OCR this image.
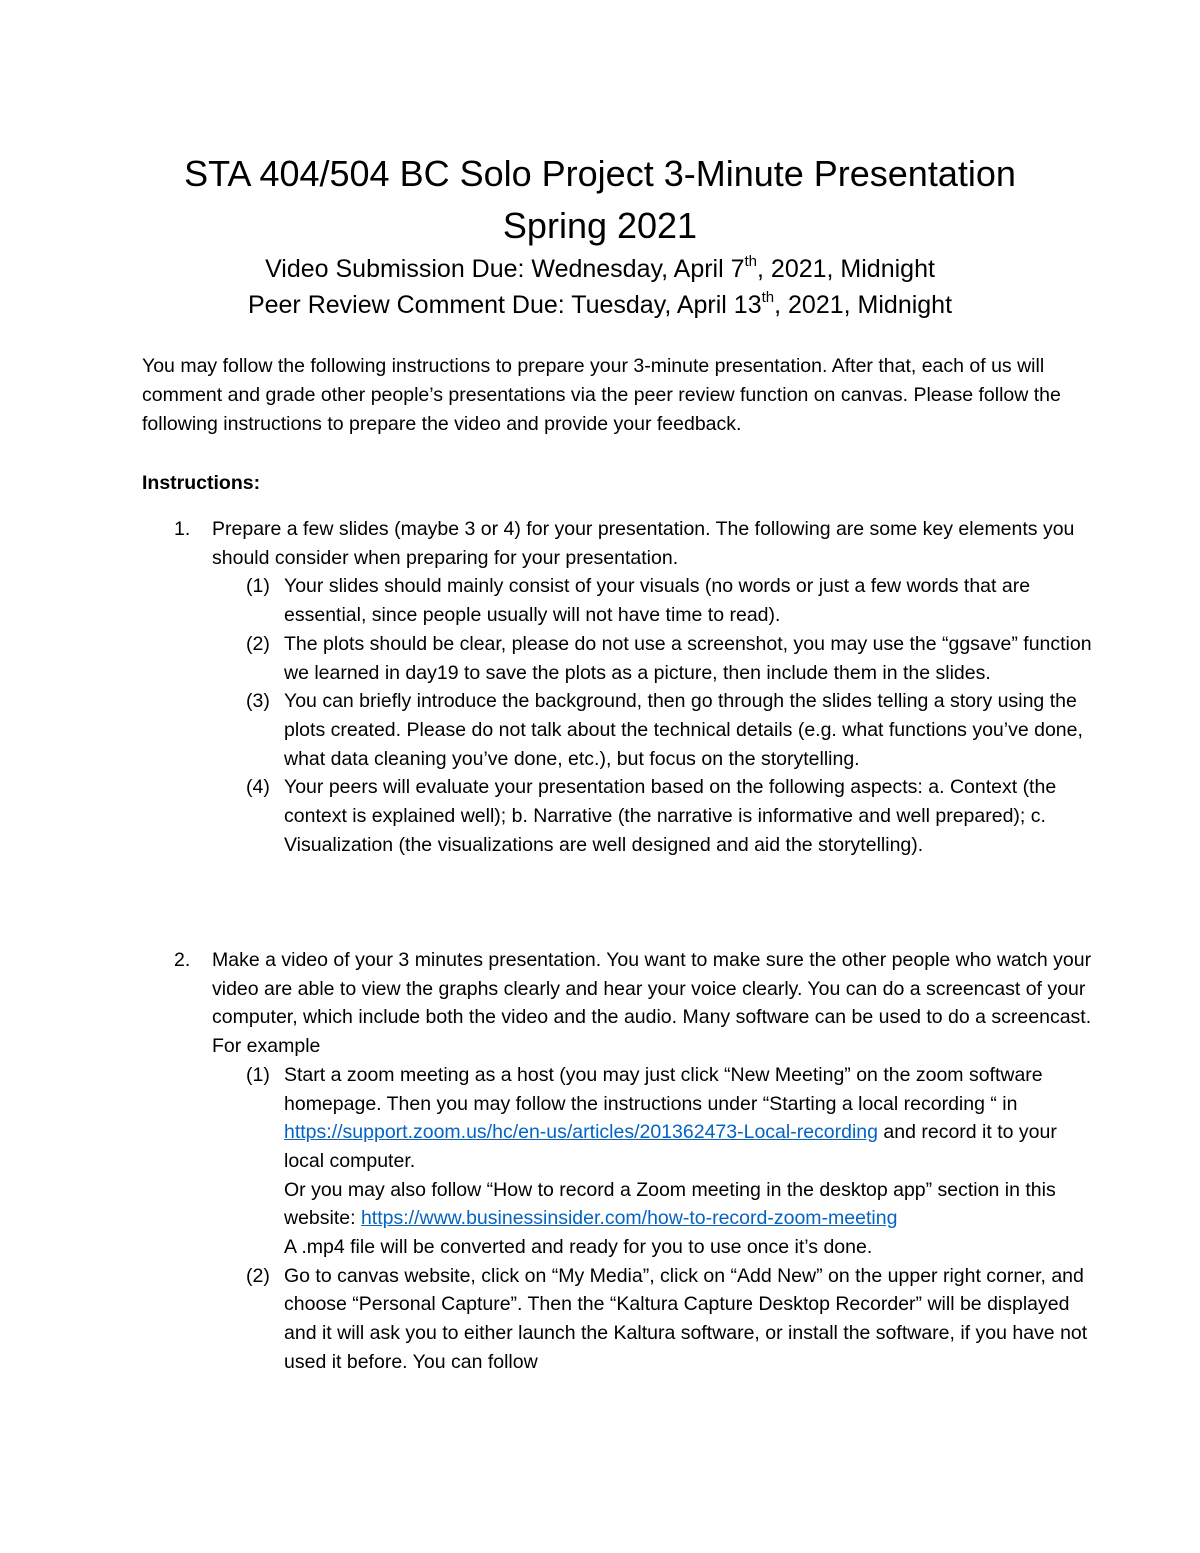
STA 404/504 BC Solo Project 3-Minute Presentation
Spring 2021
Video Submission Due: Wednesday, April 7th, 2021, Midnight
Peer Review Comment Due: Tuesday, April 13th, 2021, Midnight

You may follow the following instructions to prepare your 3-minute presentation. After that, each of us will comment and grade other people’s presentations via the peer review function on canvas. Please follow the following instructions to prepare the video and provide your feedback.

Instructions:

1. Prepare a few slides (maybe 3 or 4) for your presentation. The following are some key elements you should consider when preparing for your presentation.
(1) Your slides should mainly consist of your visuals (no words or just a few words that are essential, since people usually will not have time to read).
(2) The plots should be clear, please do not use a screenshot, you may use the “ggsave” function we learned in day19 to save the plots as a picture, then include them in the slides.
(3) You can briefly introduce the background, then go through the slides telling a story using the plots created. Please do not talk about the technical details (e.g. what functions you’ve done, what data cleaning you’ve done, etc.), but focus on the storytelling.
(4) Your peers will evaluate your presentation based on the following aspects: a. Context (the context is explained well); b. Narrative (the narrative is informative and well prepared); c. Visualization (the visualizations are well designed and aid the storytelling).
2. Make a video of your 3 minutes presentation. You want to make sure the other people who watch your video are able to view the graphs clearly and hear your voice clearly. You can do a screencast of your computer, which include both the video and the audio. Many software can be used to do a screencast. For example
(1) Start a zoom meeting as a host (you may just click “New Meeting” on the zoom software homepage. Then you may follow the instructions under “Starting a local recording “ in https://support.zoom.us/hc/en-us/articles/201362473-Local-recording and record it to your local computer.
Or you may also follow “How to record a Zoom meeting in the desktop app” section in this website: https://www.businessinsider.com/how-to-record-zoom-meeting
A .mp4 file will be converted and ready for you to use once it’s done.
(2) Go to canvas website, click on “My Media”, click on “Add New” on the upper right corner, and choose “Personal Capture”. Then the “Kaltura Capture Desktop Recorder” will be displayed and it will ask you to either launch the Kaltura software, or install the software, if you have not used it before. You can follow
